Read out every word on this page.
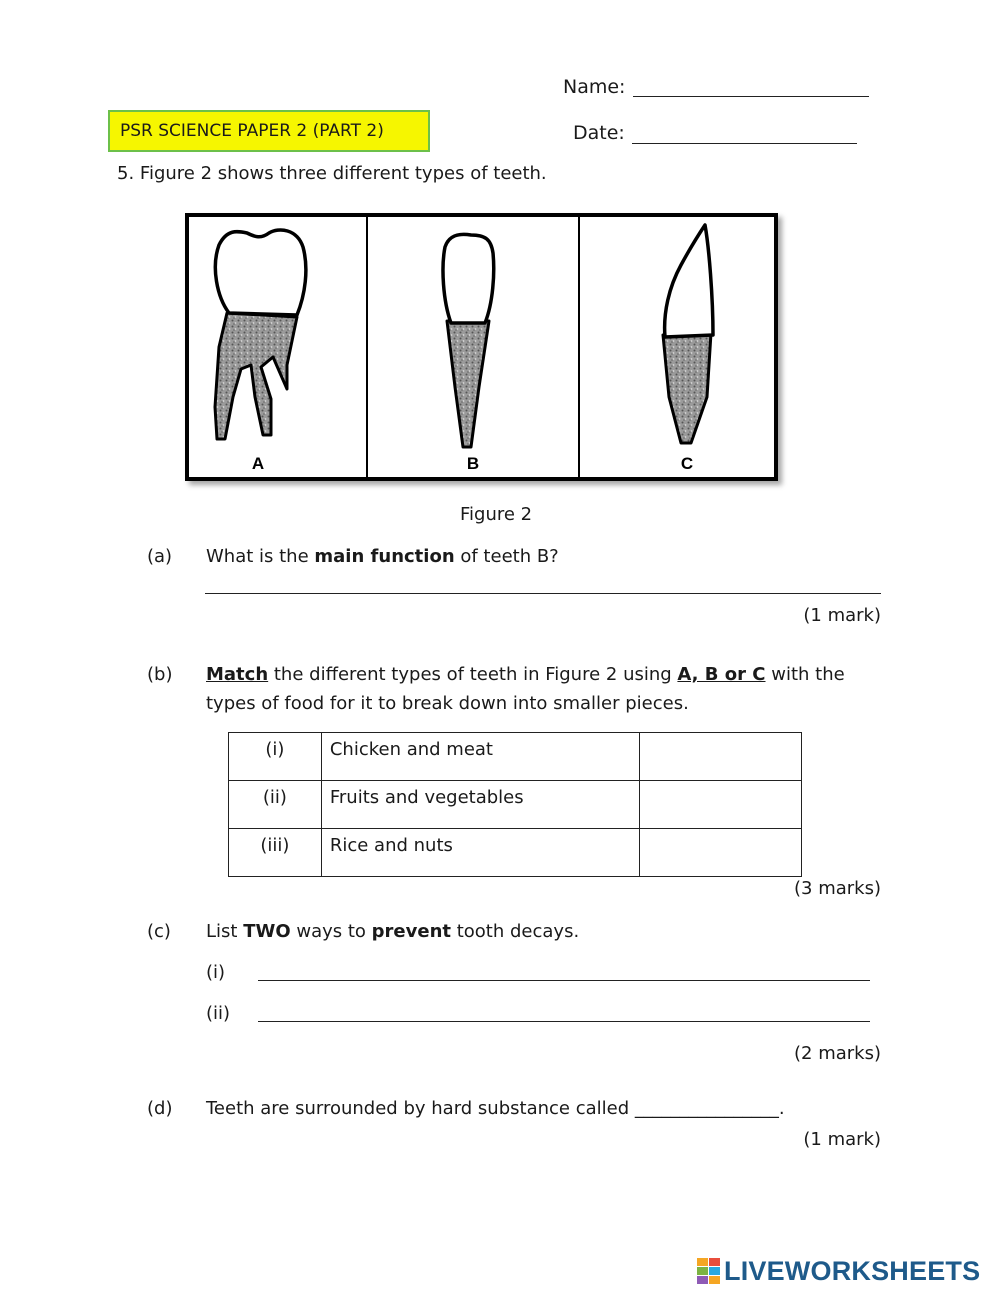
Name:
PSR SCIENCE PAPER 2 (PART 2)	Date:
5. Figure 2 shows three different types of teeth.
A	B	C
Figure 2
(a) What is the main function of teeth B?
(1 mark)
(b) Match the different types of teeth in Figure 2 using A, B or C with the
types of food for it to break down into smaller pieces.
(i)	Chicken and meat	
(ii)	Fruits and vegetables	
(iii)	Rice and nuts	
(3 marks)
(c) List TWO ways to prevent tooth decays.
(i)
(ii)
(2 marks)
(d) Teeth are surrounded by hard substance called ________________.
(1 mark)
LIVEWORKSHEETS
